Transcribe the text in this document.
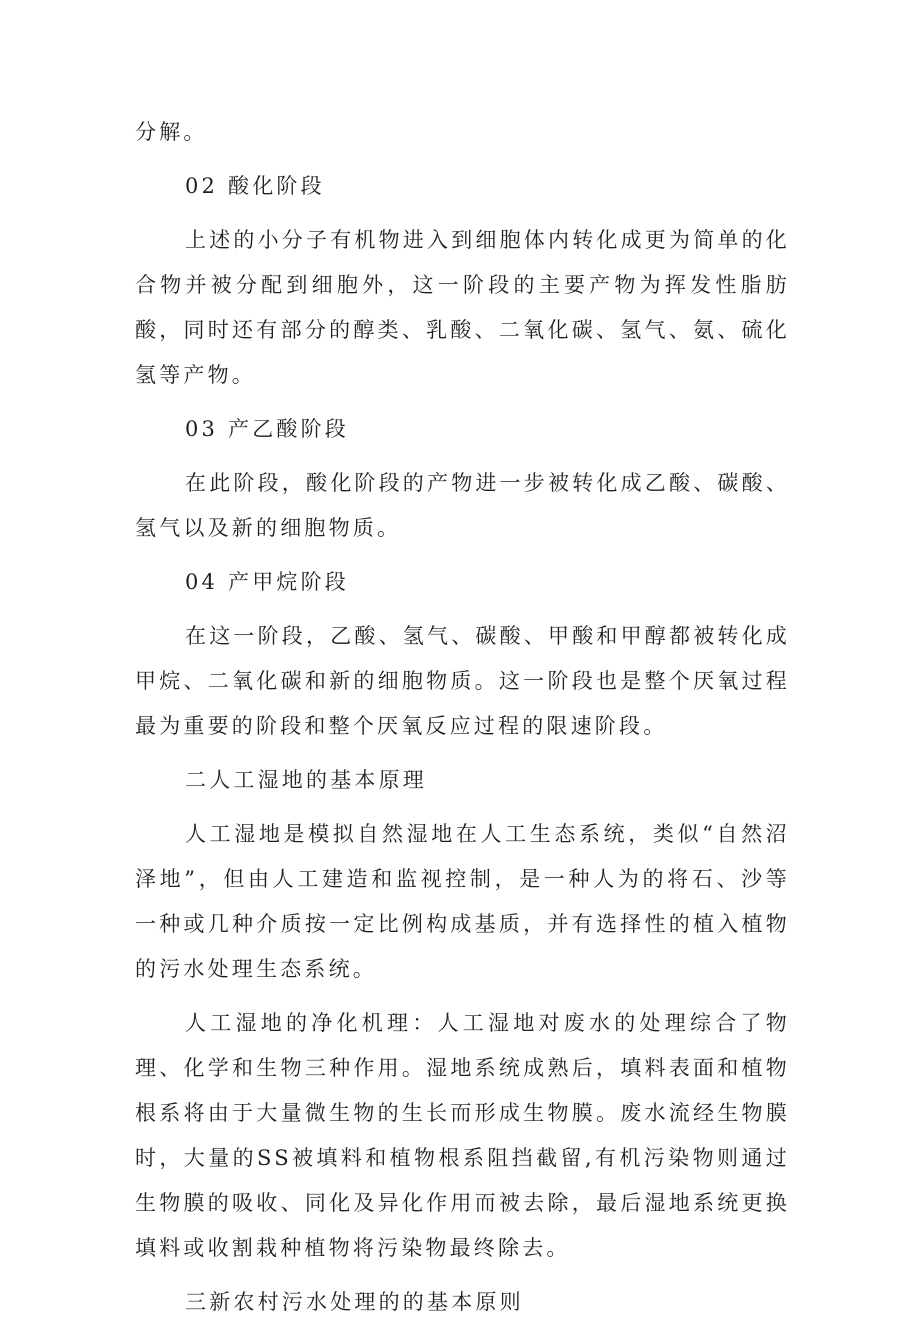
分解。

02 酸化阶段

上述的小分子有机物进入到细胞体内转化成更为简单的化合物并被分配到细胞外，这一阶段的主要产物为挥发性脂肪酸，同时还有部分的醇类、乳酸、二氧化碳、氢气、氨、硫化氢等产物。

03 产乙酸阶段

在此阶段，酸化阶段的产物进一步被转化成乙酸、碳酸、氢气以及新的细胞物质。

04 产甲烷阶段

在这一阶段，乙酸、氢气、碳酸、甲酸和甲醇都被转化成甲烷、二氧化碳和新的细胞物质。这一阶段也是整个厌氧过程最为重要的阶段和整个厌氧反应过程的限速阶段。

二人工湿地的基本原理

人工湿地是模拟自然湿地在人工生态系统，类似“自然沼泽地”，但由人工建造和监视控制，是一种人为的将石、沙等一种或几种介质按一定比例构成基质，并有选择性的植入植物的污水处理生态系统。

人工湿地的净化机理：人工湿地对废水的处理综合了物理、化学和生物三种作用。湿地系统成熟后，填料表面和植物根系将由于大量微生物的生长而形成生物膜。废水流经生物膜时，大量的SS被填料和植物根系阻挡截留,有机污染物则通过生物膜的吸收、同化及异化作用而被去除，最后湿地系统更换填料或收割栽种植物将污染物最终除去。

三新农村污水处理的的基本原则
